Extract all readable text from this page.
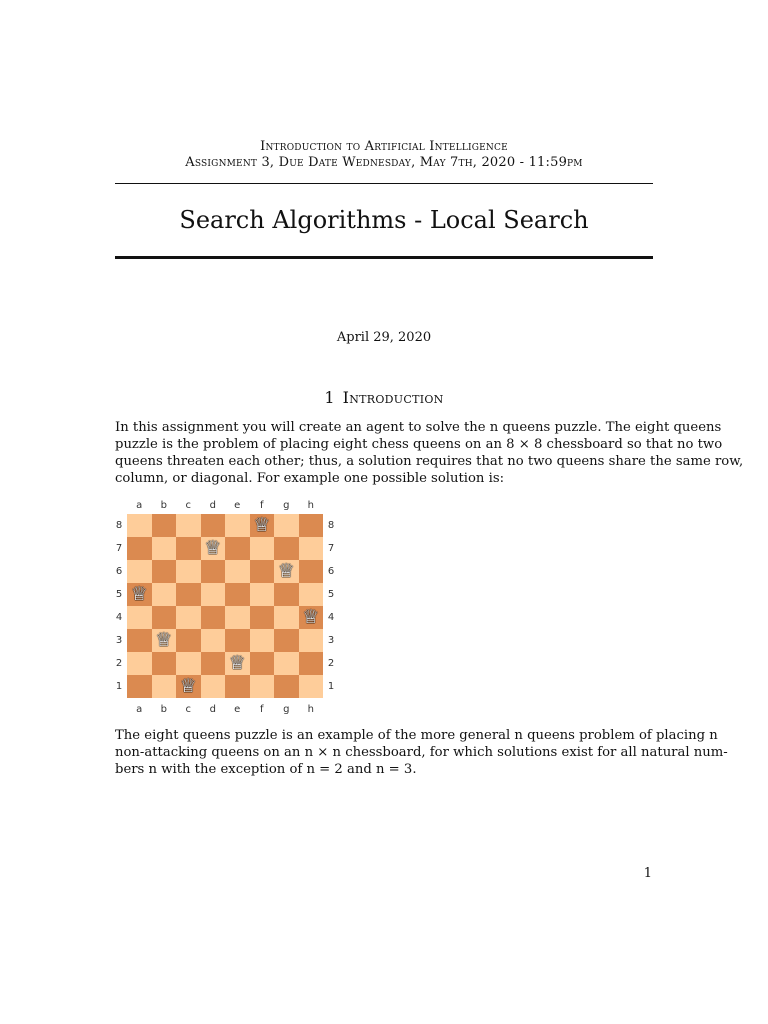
Introduction to Artificial Intelligence
Assignment 3, Due Date Wednesday, May 7th, 2020 - 11:59pm
Search Algorithms - Local Search
April 29, 2020
1 Introduction
In this assignment you will create an agent to solve the n queens puzzle. The eight queens
puzzle is the problem of placing eight chess queens on an 8 × 8 chessboard so that no two
queens threaten each other; thus, a solution requires that no two queens share the same row,
column, or diagonal. For example one possible solution is:
♕
♕
♕
♕
♕
♕
♕
♕
a
a
b
b
c
c
d
d
e
e
f
f
g
g
h
h
8	8
7	7
6	6
5	5
4	4
3	3
2	2
1	1
The eight queens puzzle is an example of the more general n queens problem of placing n
non-attacking queens on an n × n chessboard, for which solutions exist for all natural num-
bers n with the exception of n = 2 and n = 3.
1
